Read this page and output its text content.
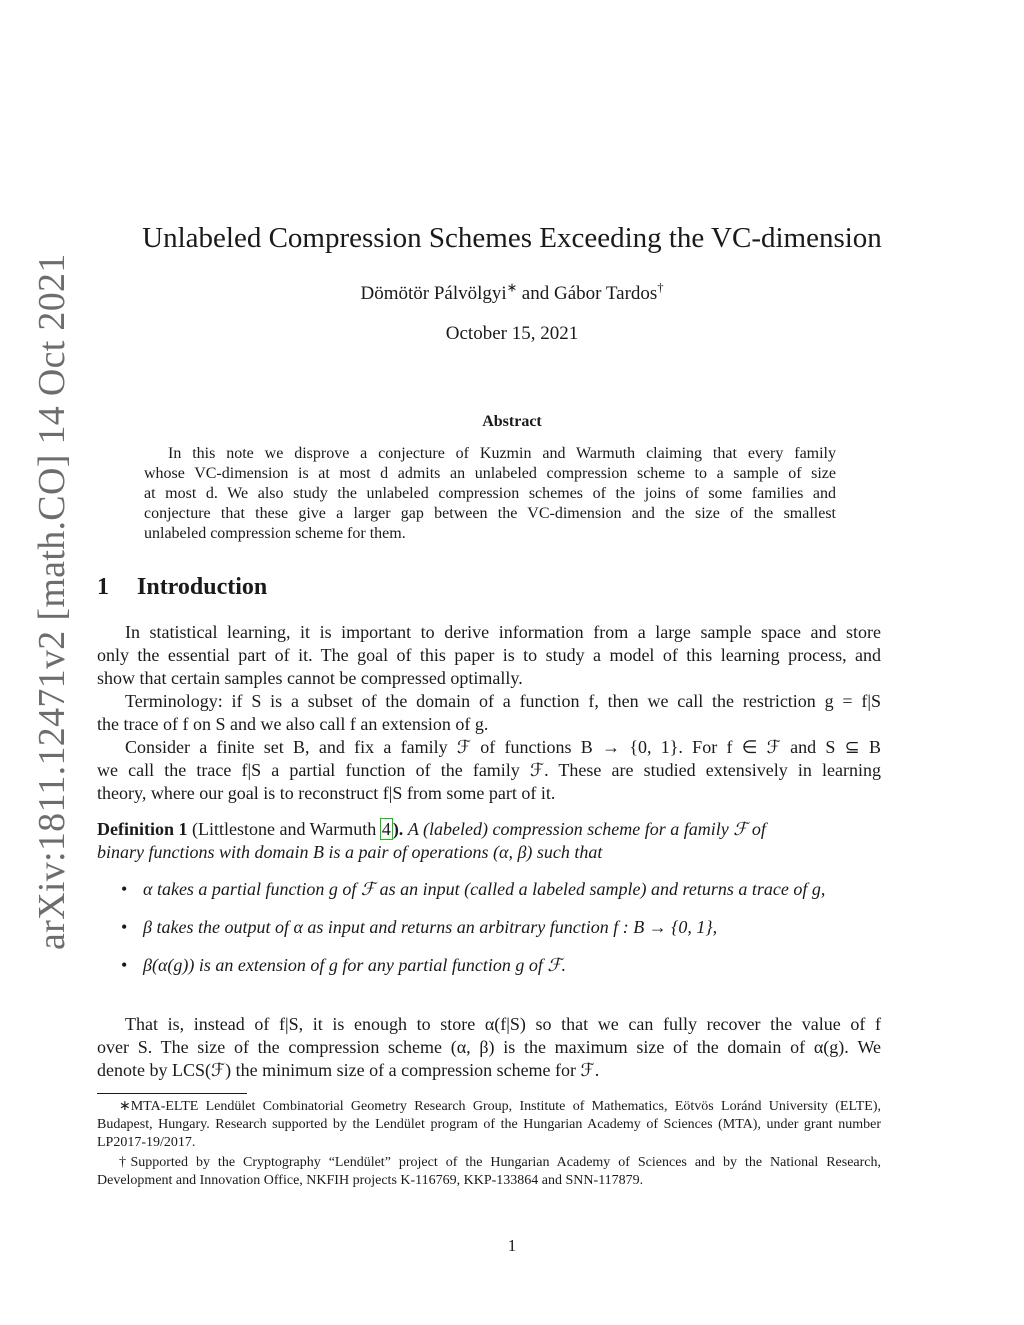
arXiv:1811.12471v2 [math.CO] 14 Oct 2021
Unlabeled Compression Schemes Exceeding the VC-dimension
Dömötör Pálvölgyi∗ and Gábor Tardos†
October 15, 2021
Abstract
In this note we disprove a conjecture of Kuzmin and Warmuth claiming that every family
whose VC-dimension is at most d admits an unlabeled compression scheme to a sample of size
at most d. We also study the unlabeled compression schemes of the joins of some families and
conjecture that these give a larger gap between the VC-dimension and the size of the smallest
unlabeled compression scheme for them.
1 Introduction
In statistical learning, it is important to derive information from a large sample space and store
only the essential part of it. The goal of this paper is to study a model of this learning process, and
show that certain samples cannot be compressed optimally.
Terminology: if S is a subset of the domain of a function f, then we call the restriction g = f|S
the trace of f on S and we also call f an extension of g.
Consider a finite set B, and fix a family ℱ of functions B → {0, 1}. For f ∈ ℱ and S ⊆ B
we call the trace f|S a partial function of the family ℱ. These are studied extensively in learning
theory, where our goal is to reconstruct f|S from some part of it.
Definition 1 (Littlestone and Warmuth  4 ). A (labeled) compression scheme for a family ℱ of
binary functions with domain B is a pair of operations (α, β) such that
• α takes a partial function g of ℱ as an input (called a labeled sample) and returns a trace of g,
• β takes the output of α as input and returns an arbitrary function f : B → {0, 1},
• β(α(g)) is an extension of g for any partial function g of ℱ.
That is, instead of f|S, it is enough to store α(f|S) so that we can fully recover the value of f
over S. The size of the compression scheme (α, β) is the maximum size of the domain of α(g). We
denote by LCS(ℱ) the minimum size of a compression scheme for ℱ.
∗MTA-ELTE Lendület Combinatorial Geometry Research Group, Institute of Mathematics, Eötvös Loránd University (ELTE), Budapest, Hungary. Research supported by the Lendület program of the Hungarian Academy of Sciences (MTA), under grant number LP2017-19/2017.
†Supported by the Cryptography “Lendület” project of the Hungarian Academy of Sciences and by the National Research, Development and Innovation Office, NKFIH projects K-116769, KKP-133864 and SNN-117879.
1
